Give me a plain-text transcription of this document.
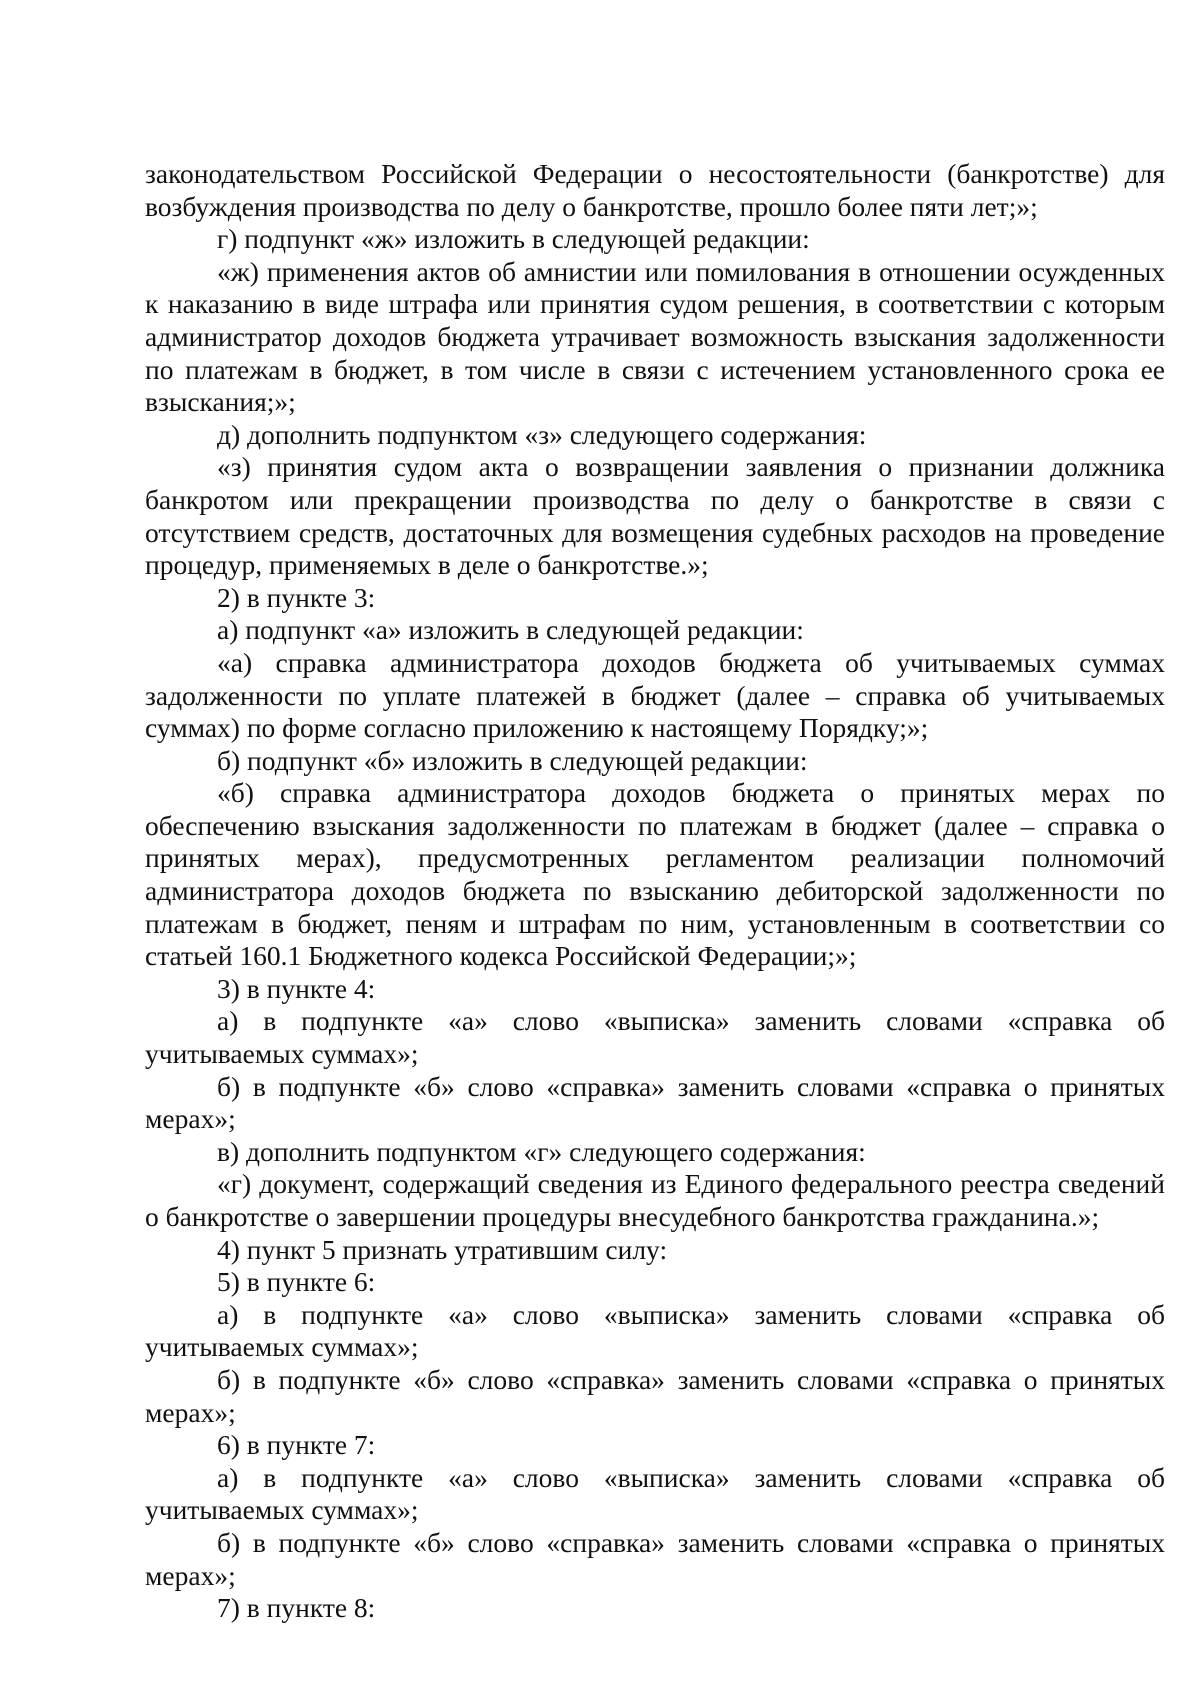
законодательством Российской Федерации о несостоятельности (банкротстве) для возбуждения производства по делу о банкротстве, прошло более пяти лет;»;

г) подпункт «ж» изложить в следующей редакции:

«ж) применения актов об амнистии или помилования в отношении осужденных к наказанию в виде штрафа или принятия судом решения, в соответствии с которым администратор доходов бюджета утрачивает возможность взыскания задолженности по платежам в бюджет, в том числе в связи с истечением установленного срока ее взыскания;»;

д) дополнить подпунктом «з» следующего содержания:

«з) принятия судом акта о возвращении заявления о признании должника банкротом или прекращении производства по делу о банкротстве в связи с отсутствием средств, достаточных для возмещения судебных расходов на проведение процедур, применяемых в деле о банкротстве.»;

2) в пункте 3:

а) подпункт «а» изложить в следующей редакции:

«а) справка администратора доходов бюджета об учитываемых суммах задолженности по уплате платежей в бюджет (далее – справка об учитываемых суммах) по форме согласно приложению к настоящему Порядку;»;

б) подпункт «б» изложить в следующей редакции:

«б) справка администратора доходов бюджета о принятых мерах по обеспечению взыскания задолженности по платежам в бюджет (далее – справка о принятых мерах), предусмотренных регламентом реализации полномочий администратора доходов бюджета по взысканию дебиторской задолженности по платежам в бюджет, пеням и штрафам по ним, установленным в соответствии со статьей 160.1 Бюджетного кодекса Российской Федерации;»;

3) в пункте 4:

а) в подпункте «а» слово «выписка» заменить словами «справка об учитываемых суммах»;

б) в подпункте «б» слово «справка» заменить словами «справка о принятых мерах»;

в) дополнить подпунктом «г» следующего содержания:

«г) документ, содержащий сведения из Единого федерального реестра сведений о банкротстве о завершении процедуры внесудебного банкротства гражданина.»;

4) пункт 5 признать утратившим силу:

5) в пункте 6:

а) в подпункте «а» слово «выписка» заменить словами «справка об учитываемых суммах»;

б) в подпункте «б» слово «справка» заменить словами «справка о принятых мерах»;

6) в пункте 7:

а) в подпункте «а» слово «выписка» заменить словами «справка об учитываемых суммах»;

б) в подпункте «б» слово «справка» заменить словами «справка о принятых мерах»;

7) в пункте 8:
